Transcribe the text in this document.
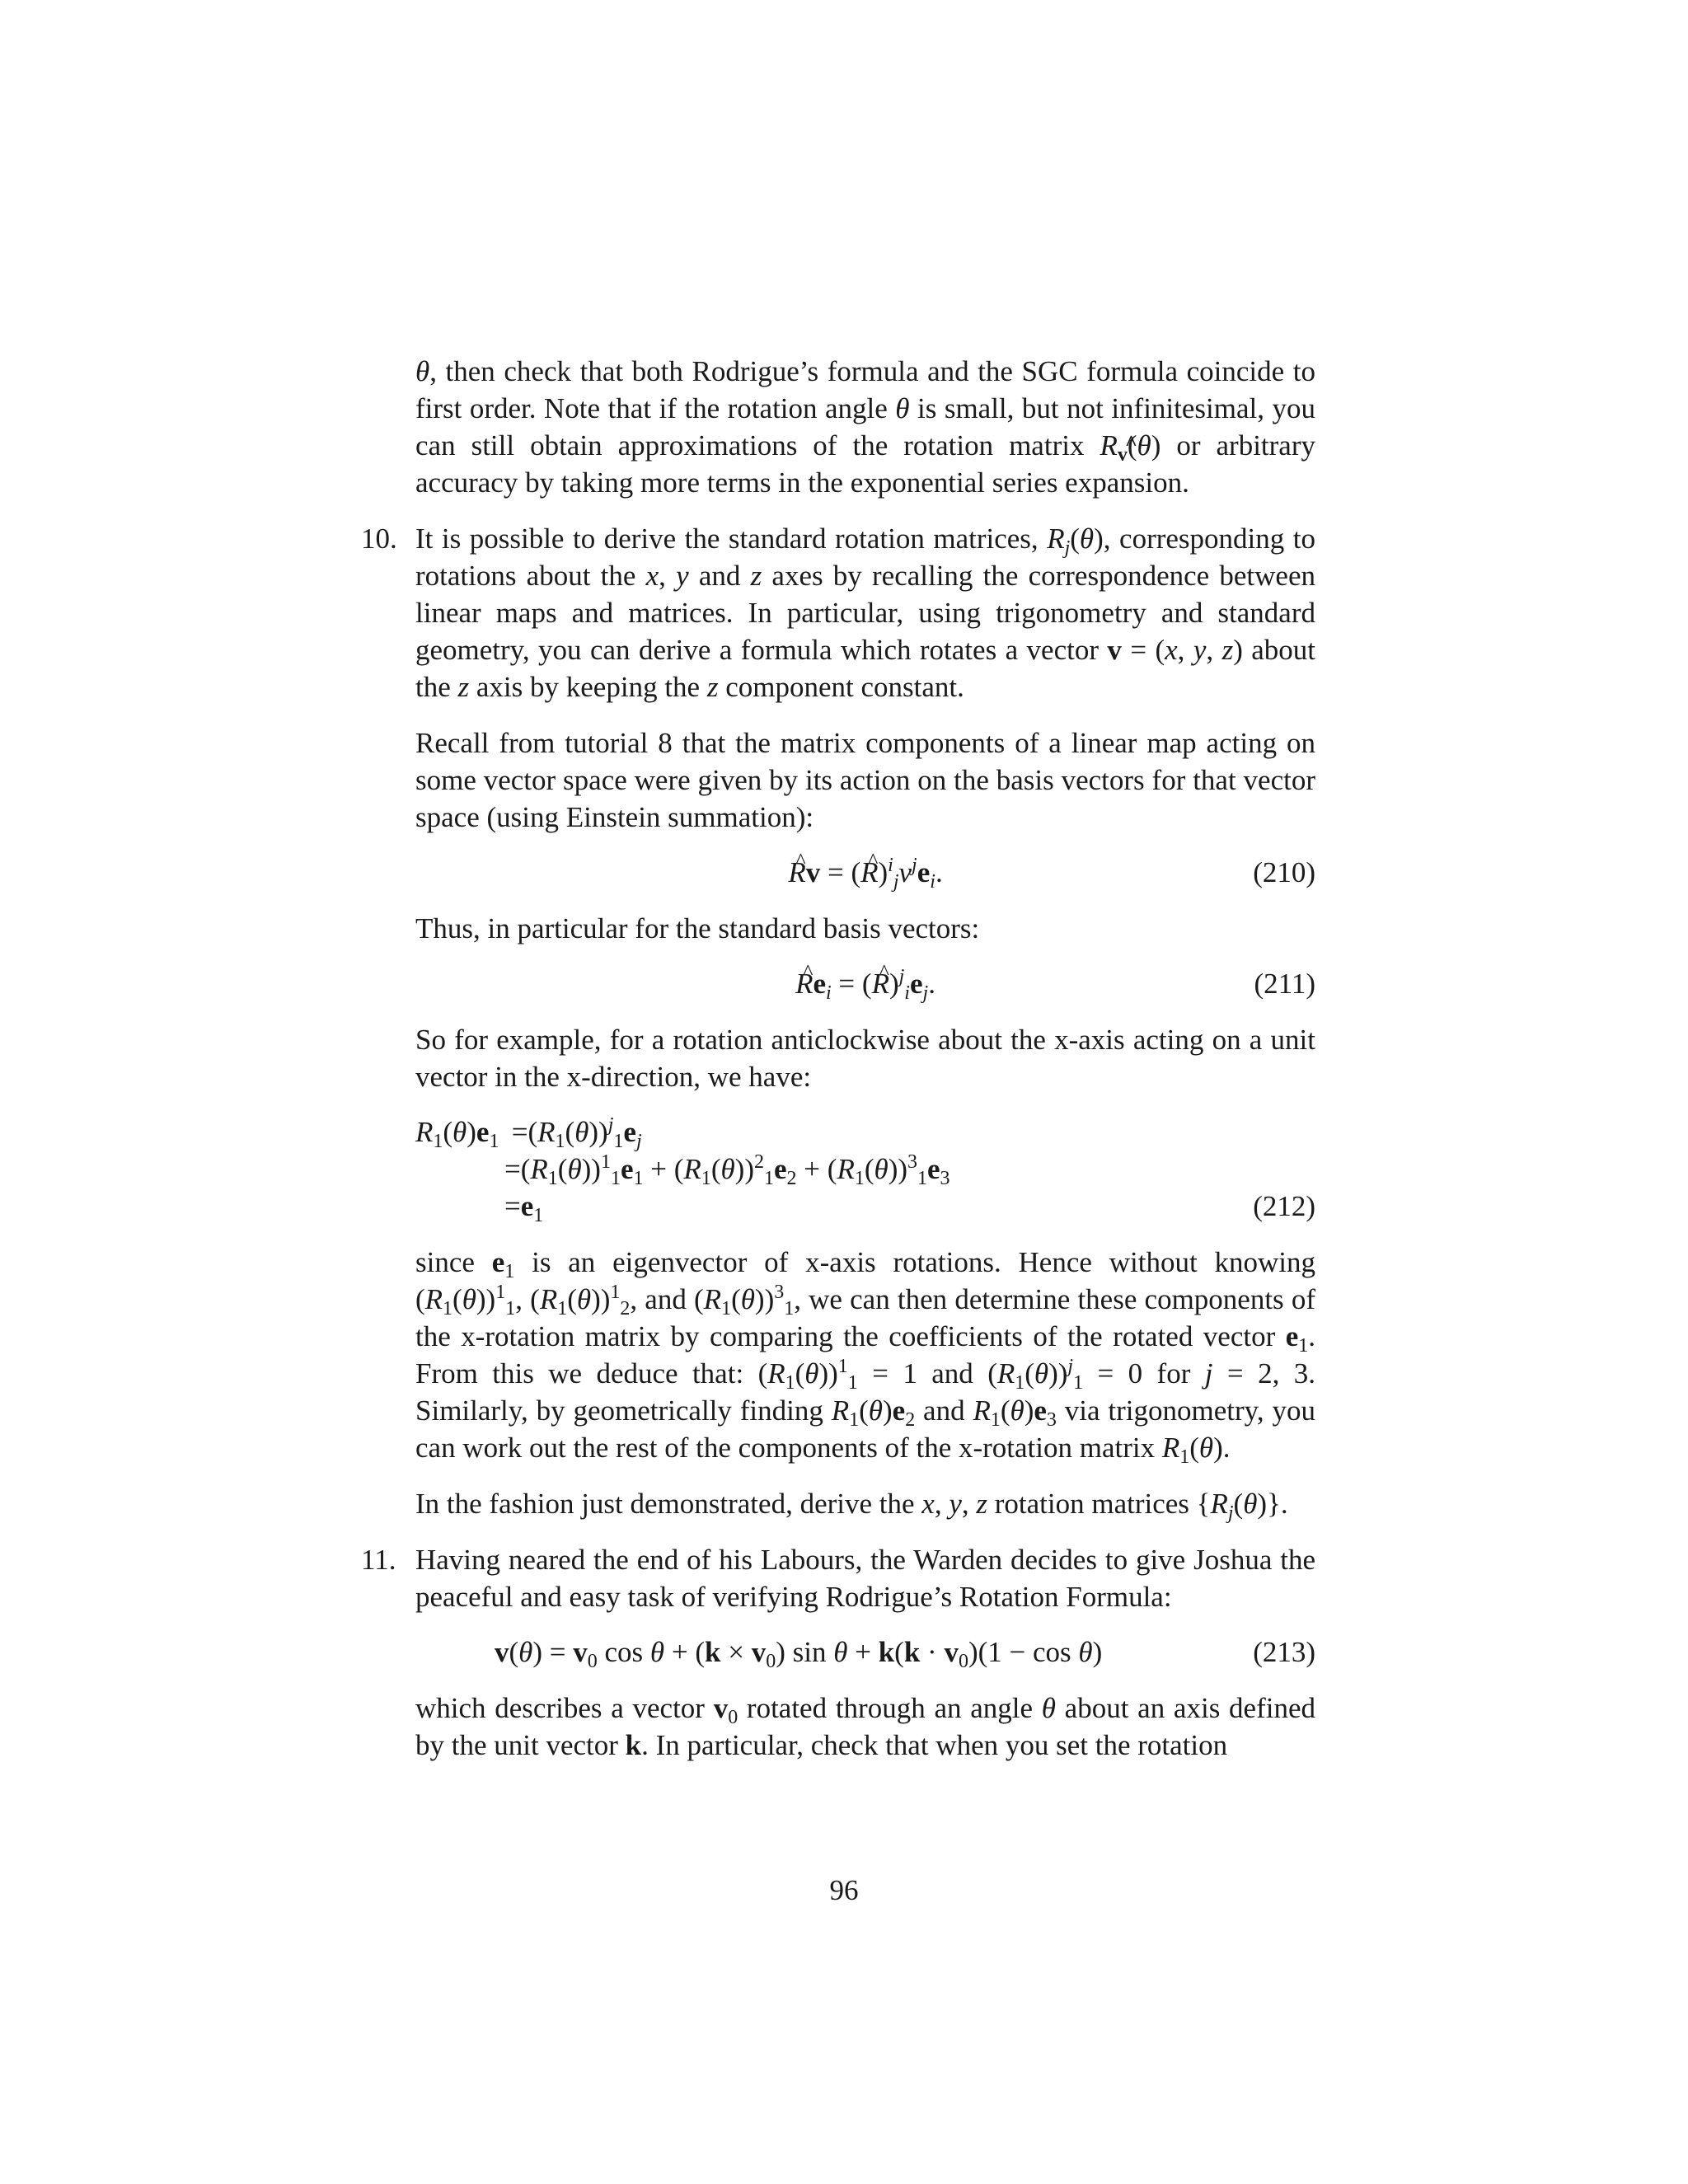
θ, then check that both Rodrigue’s formula and the SGC formula coincide to first order. Note that if the rotation angle θ is small, but not infinitesimal, you can still obtain approximations of the rotation matrix $R_v(\theta)$ or arbitrary accuracy by taking more terms in the exponential series expansion.

10. It is possible to derive the standard rotation matrices, $R_j(\theta)$, corresponding to rotations about the x, y and z axes by recalling the correspondence between linear maps and matrices. In particular, using trigonometry and standard geometry, you can derive a formula which rotates a vector v = (x, y, z) about the z axis by keeping the z component constant.

Recall from tutorial 8 that the matrix components of a linear map acting on some vector space were given by its action on the basis vectors for that vector space (using Einstein summation):

^ Rv = (^ $R)^i_jv^je_i$.	(210)

Thus, in particular for the standard basis vectors:

^ $Re_i$ = (^ $R)^j_ie_j$.	(211)

So for example, for a rotation anticlockwise about the x-axis acting on a unit vector in the x-direction, we have:

$R_1(\theta)e_1 =(R_1(\theta))^j_1e_j$
$=(R_1(\theta))^1_1e_1 + (R_1(\theta))^2_1e_2 + (R_1(\theta))^3_1e_3$
$=e_1$	(212)

since $e_1$ is an eigenvector of x-axis rotations. Hence without knowing $(R_1(\theta))^1_1$, $(R_1(\theta))^1_2$, and $(R_1(\theta))^3_1$, we can then determine these components of the x-rotation matrix by comparing the coefficients of the rotated vector $e_1$. From this we deduce that: $(R_1(\theta))^1_1 = 1$ and $(R_1(\theta))^j_1 = 0$ for j = 2, 3. Similarly, by geometrically finding $R_1(\theta)e_2$ and $R_1(\theta)e_3$ via trigonometry, you can work out the rest of the components of the x-rotation matrix $R_1(\theta)$.

In the fashion just demonstrated, derive the x, y, z rotation matrices $\{R_j(\theta)\}$.

11. Having neared the end of his Labours, the Warden decides to give Joshua the peaceful and easy task of verifying Rodrigue’s Rotation Formula:

$v(\theta) = v_0$ $\cos \theta + (k \times v_0)$ $\sin \theta + k(k \cdot v_0)(1 - \cos \theta)$	(213)

which describes a vector $v_0$ rotated through an angle θ about an axis defined by the unit vector k. In particular, check that when you set the rotation

96
